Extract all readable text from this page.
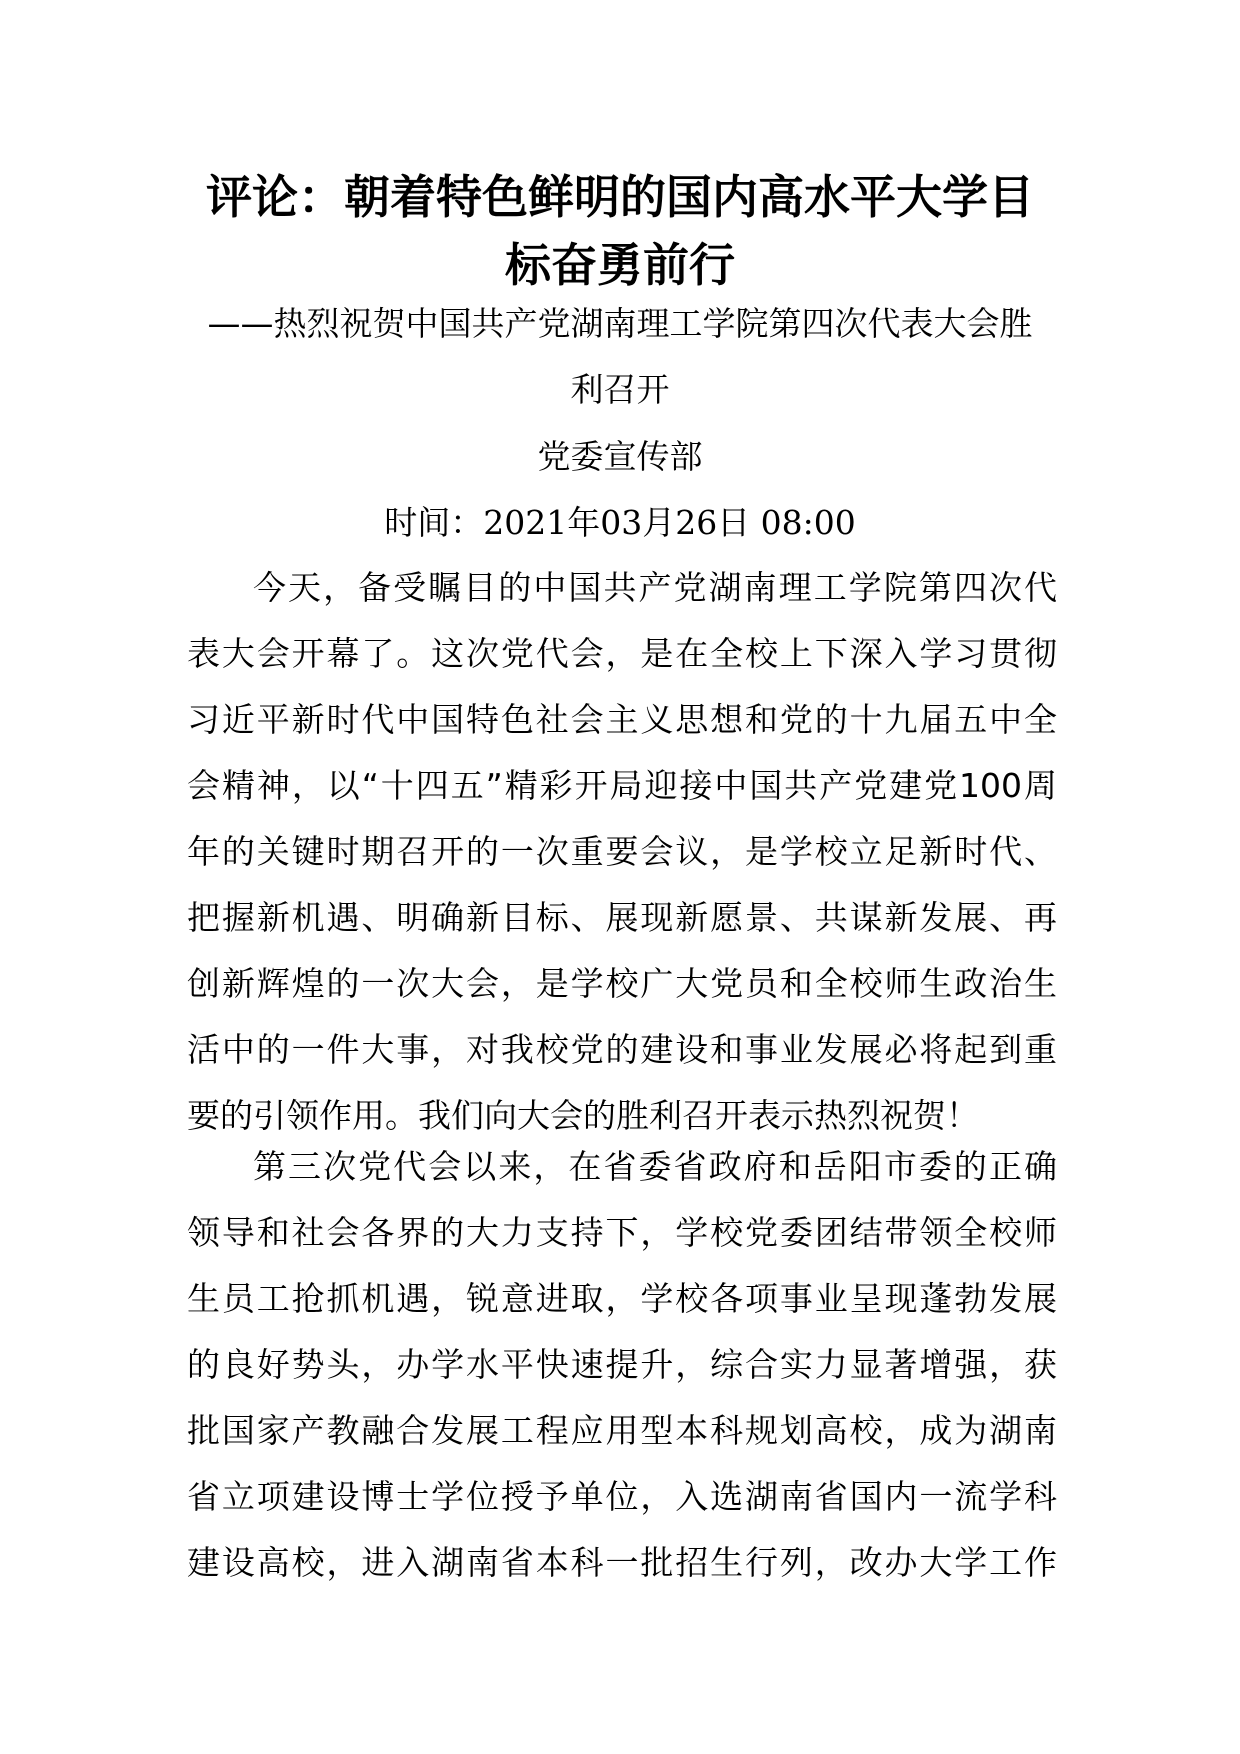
评论：朝着特色鲜明的国内高水平大学目
标奋勇前行
——热烈祝贺中国共产党湖南理工学院第四次代表大会胜
利召开
党委宣传部
时间：2021年03月26日 08:00
今天，备受瞩目的中国共产党湖南理工学院第四次代
表大会开幕了。这次党代会，是在全校上下深入学习贯彻
习近平新时代中国特色社会主义思想和党的十九届五中全
会精神，以“十四五”精彩开局迎接中国共产党建党100周
年的关键时期召开的一次重要会议，是学校立足新时代、
把握新机遇、明确新目标、展现新愿景、共谋新发展、再
创新辉煌的一次大会，是学校广大党员和全校师生政治生
活中的一件大事，对我校党的建设和事业发展必将起到重
要的引领作用。我们向大会的胜利召开表示热烈祝贺！
第三次党代会以来，在省委省政府和岳阳市委的正确
领导和社会各界的大力支持下，学校党委团结带领全校师
生员工抢抓机遇，锐意进取，学校各项事业呈现蓬勃发展
的良好势头，办学水平快速提升，综合实力显著增强，获
批国家产教融合发展工程应用型本科规划高校，成为湖南
省立项建设博士学位授予单位，入选湖南省国内一流学科
建设高校，进入湖南省本科一批招生行列，改办大学工作
